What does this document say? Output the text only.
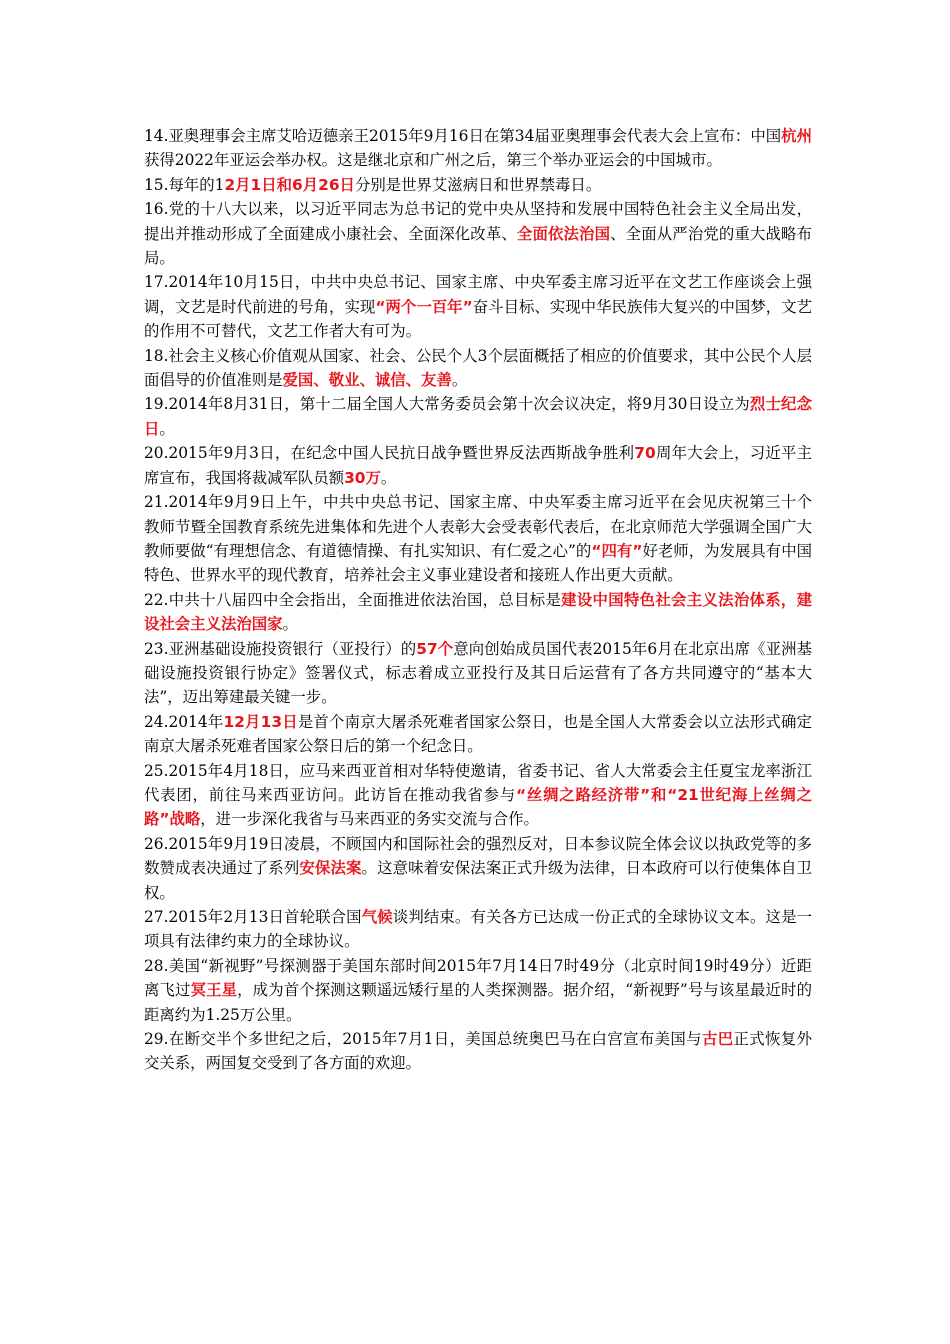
14.亚奥理事会主席艾哈迈德亲王2015年9月16日在第34届亚奥理事会代表大会上宣布：中国杭州获得2022年亚运会举办权。这是继北京和广州之后，第三个举办亚运会的中国城市。

15.每年的12月1日和6月26日分别是世界艾滋病日和世界禁毒日。

16.党的十八大以来，以习近平同志为总书记的党中央从坚持和发展中国特色社会主义全局出发，提出并推动形成了全面建成小康社会、全面深化改革、全面依法治国、全面从严治党的重大战略布局。

17.2014年10月15日，中共中央总书记、国家主席、中央军委主席习近平在文艺工作座谈会上强调，文艺是时代前进的号角，实现“两个一百年”奋斗目标、实现中华民族伟大复兴的中国梦，文艺的作用不可替代，文艺工作者大有可为。

18.社会主义核心价值观从国家、社会、公民个人3个层面概括了相应的价值要求，其中公民个人层面倡导的价值准则是爱国、敬业、诚信、友善。

19.2014年8月31日，第十二届全国人大常务委员会第十次会议决定，将9月30日设立为烈士纪念日。

20.2015年9月3日，在纪念中国人民抗日战争暨世界反法西斯战争胜利70周年大会上，习近平主席宣布，我国将裁减军队员额30万。

21.2014年9月9日上午，中共中央总书记、国家主席、中央军委主席习近平在会见庆祝第三十个教师节暨全国教育系统先进集体和先进个人表彰大会受表彰代表后，在北京师范大学强调全国广大教师要做“有理想信念、有道德情操、有扎实知识、有仁爱之心”的“四有”好老师，为发展具有中国特色、世界水平的现代教育，培养社会主义事业建设者和接班人作出更大贡献。

22.中共十八届四中全会指出，全面推进依法治国，总目标是建设中国特色社会主义法治体系，建设社会主义法治国家。

23.亚洲基础设施投资银行（亚投行）的57个意向创始成员国代表2015年6月在北京出席《亚洲基础设施投资银行协定》签署仪式，标志着成立亚投行及其日后运营有了各方共同遵守的“基本大法”，迈出筹建最关键一步。

24.2014年12月13日是首个南京大屠杀死难者国家公祭日，也是全国人大常委会以立法形式确定南京大屠杀死难者国家公祭日后的第一个纪念日。

25.2015年4月18日，应马来西亚首相对华特使邀请，省委书记、省人大常委会主任夏宝龙率浙江代表团，前往马来西亚访问。此访旨在推动我省参与“丝绸之路经济带”和“21世纪海上丝绸之路”战略，进一步深化我省与马来西亚的务实交流与合作。

26.2015年9月19日凌晨，不顾国内和国际社会的强烈反对，日本参议院全体会议以执政党等的多数赞成表决通过了系列安保法案。这意味着安保法案正式升级为法律，日本政府可以行使集体自卫权。

27.2015年2月13日首轮联合国气候谈判结束。有关各方已达成一份正式的全球协议文本。这是一项具有法律约束力的全球协议。

28.美国“新视野”号探测器于美国东部时间2015年7月14日7时49分（北京时间19时49分）近距离飞过冥王星，成为首个探测这颗遥远矮行星的人类探测器。据介绍，“新视野”号与该星最近时的距离约为1.25万公里。

29.在断交半个多世纪之后，2015年7月1日，美国总统奥巴马在白宫宣布美国与古巴正式恢复外交关系，两国复交受到了各方面的欢迎。
